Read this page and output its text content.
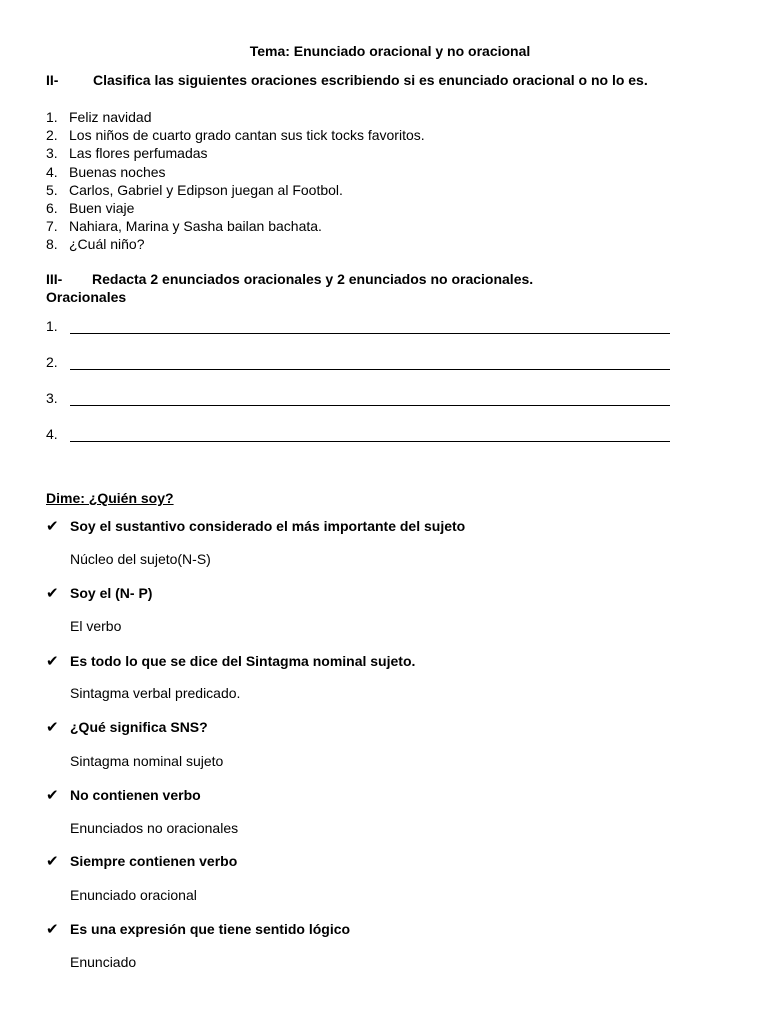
Tema: Enunciado oracional y no oracional
II- Clasifica las siguientes oraciones escribiendo si es enunciado oracional o no lo es.
1. Feliz navidad
2. Los niños de cuarto grado cantan sus tick tocks favoritos.
3. Las flores perfumadas
4. Buenas noches
5. Carlos, Gabriel y Edipson juegan al Footbol.
6. Buen viaje
7. Nahiara, Marina y Sasha bailan bachata.
8. ¿Cuál niño?
III- Redacta 2 enunciados oracionales y 2 enunciados no oracionales.
Oracionales
1.
2.
3.
4.
Dime: ¿Quién soy?
✔ Soy el sustantivo considerado el más importante del sujeto
Núcleo del sujeto(N-S)
✔ Soy el (N- P)
El verbo
✔ Es todo lo que se dice del Sintagma nominal sujeto.
Sintagma verbal predicado.
✔ ¿Qué significa SNS?
Sintagma nominal sujeto
✔ No contienen verbo
Enunciados no oracionales
✔ Siempre contienen verbo
Enunciado oracional
✔ Es una expresión que tiene sentido lógico
Enunciado
